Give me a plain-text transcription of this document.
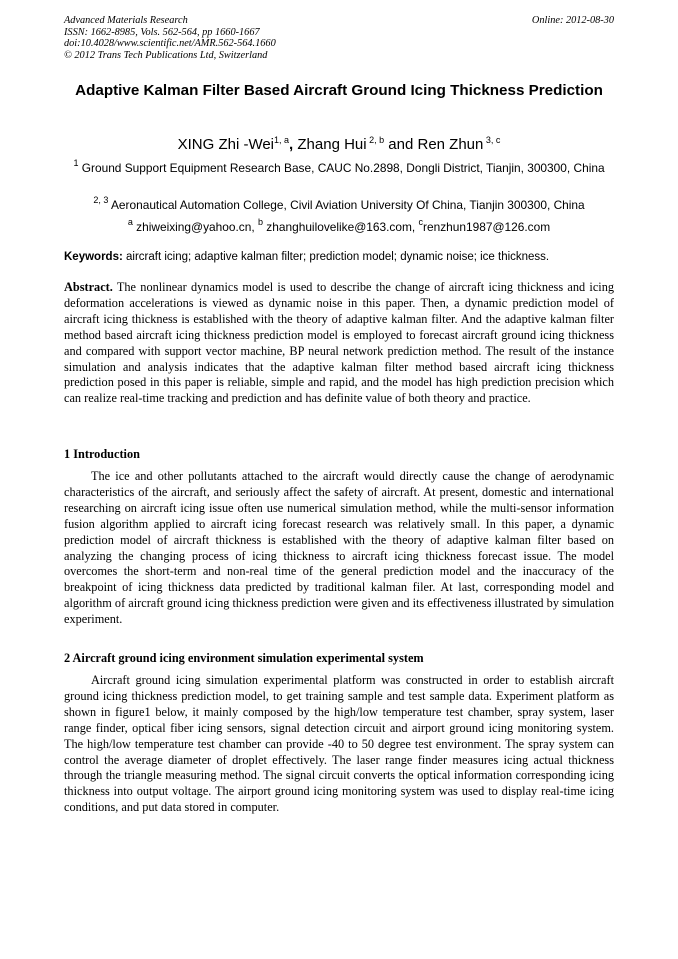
Advanced Materials Research
ISSN: 1662-8985, Vols. 562-564, pp 1660-1667
doi:10.4028/www.scientific.net/AMR.562-564.1660
© 2012 Trans Tech Publications Ltd, Switzerland
Online: 2012-08-30
Adaptive Kalman Filter Based Aircraft Ground Icing Thickness Prediction
XING Zhi -Wei$^{1, a}$, Zhang Hui $^{2, b}$ and Ren Zhun $^{3, c}$
$^1$ Ground Support Equipment Research Base, CAUC No.2898, Dongli District, Tianjin, 300300, China
$^{2, 3}$ Aeronautical Automation College, Civil Aviation University Of China, Tianjin 300300, China
$^a$ zhiweixing@yahoo.cn, $^b$ zhanghuilovelike@163.com, $^c$renzhun1987@126.com
Keywords: aircraft icing; adaptive kalman filter; prediction model; dynamic noise; ice thickness.
Abstract. The nonlinear dynamics model is used to describe the change of aircraft icing thickness and icing deformation accelerations is viewed as dynamic noise in this paper. Then, a dynamic prediction model of aircraft icing thickness is established with the theory of adaptive kalman filter. And the adaptive kalman filter method based aircraft icing thickness prediction model is employed to forecast aircraft ground icing thickness and compared with support vector machine, BP neural network prediction method. The result of the instance simulation and analysis indicates that the adaptive kalman filter method based aircraft icing thickness prediction posed in this paper is reliable, simple and rapid, and the model has high prediction precision which can realize real-time tracking and prediction and has definite value of both theory and practice.
1 Introduction
The ice and other pollutants attached to the aircraft would directly cause the change of aerodynamic characteristics of the aircraft, and seriously affect the safety of aircraft. At present, domestic and international researching on aircraft icing issue often use numerical simulation method, while the multi-sensor information fusion algorithm applied to aircraft icing forecast research was relatively small. In this paper, a dynamic prediction model of aircraft thickness is established with the theory of adaptive kalman filter based on analyzing the changing process of icing thickness to aircraft icing thickness forecast issue. The model overcomes the short-term and non-real time of the general prediction model and the inaccuracy of the breakpoint of icing thickness data predicted by traditional kalman filer. At last, corresponding model and algorithm of aircraft ground icing thickness prediction were given and its effectiveness illustrated by simulation experiment.
2 Aircraft ground icing environment simulation experimental system
Aircraft ground icing simulation experimental platform was constructed in order to establish aircraft ground icing thickness prediction model, to get training sample and test sample data. Experiment platform as shown in figure1 below, it mainly composed by the high/low temperature test chamber, spray system, laser range finder, optical fiber icing sensors, signal detection circuit and airport ground icing monitoring system. The high/low temperature test chamber can provide -40 to 50 degree test environment. The spray system can control the average diameter of droplet effectively. The laser range finder measures icing actual thickness through the triangle measuring method. The signal circuit converts the optical information corresponding icing thickness into output voltage. The airport ground icing monitoring system was used to display real-time icing conditions, and put data stored in computer.
